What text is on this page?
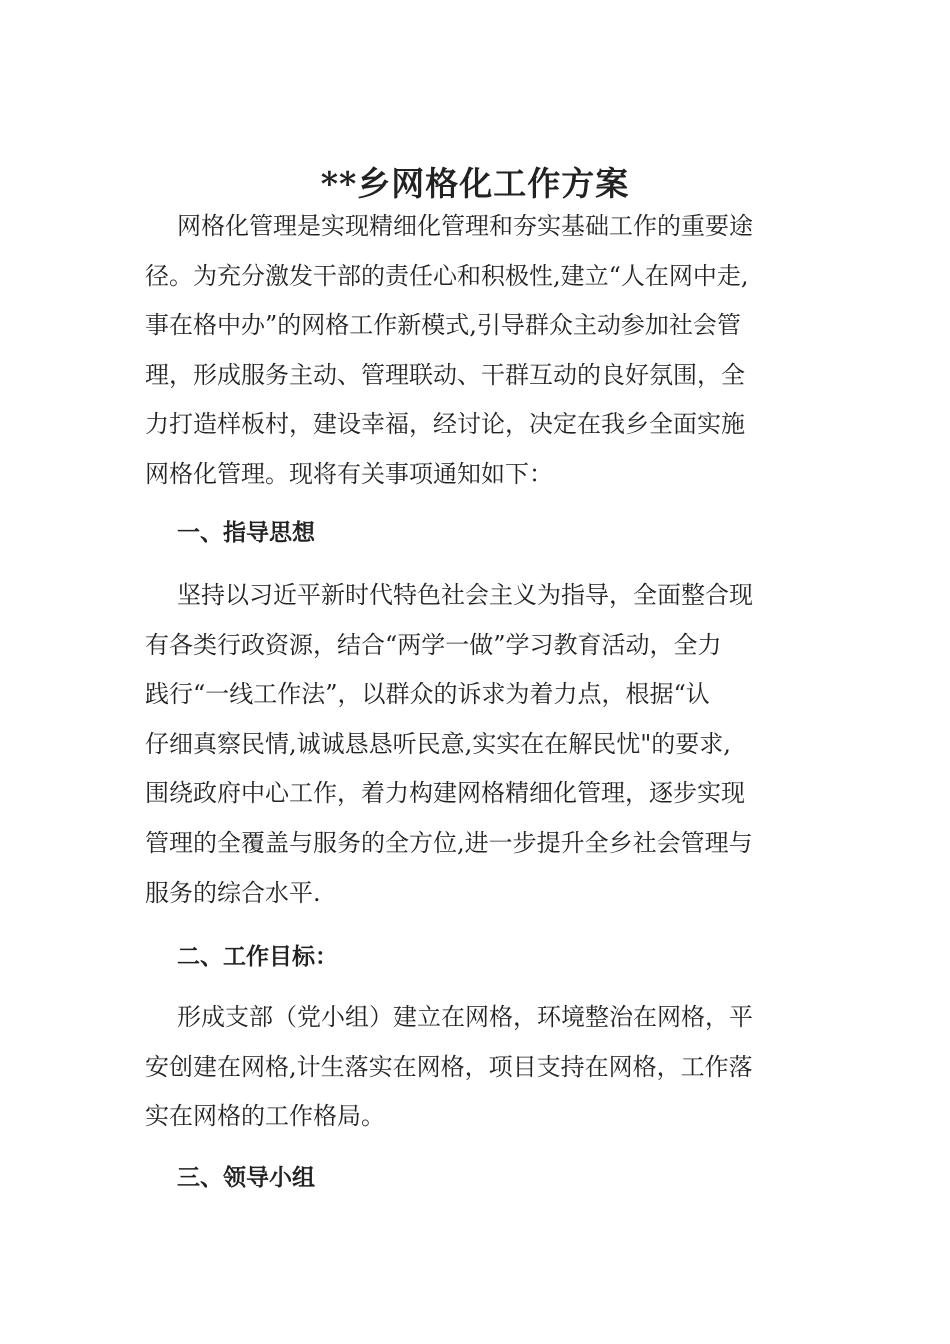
**乡网格化工作方案

网格化管理是实现精细化管理和夯实基础工作的重要途
径。为充分激发干部的责任心和积极性,建立“人在网中走,
事在格中办”的网格工作新模式,引导群众主动参加社会管
理，形成服务主动、管理联动、干群互动的良好氛围，全
力打造样板村，建设幸福，经讨论，决定在我乡全面实施
网格化管理。现将有关事项通知如下：

一、指导思想

坚持以习近平新时代特色社会主义为指导，全面整合现
有各类行政资源，结合“两学一做”学习教育活动，全力
践行“一线工作法”，以群众的诉求为着力点，根据“认
仔细真察民情,诚诚恳恳听民意,实实在在解民忧"的要求,
围绕政府中心工作，着力构建网格精细化管理，逐步实现
管理的全覆盖与服务的全方位,进一步提升全乡社会管理与
服务的综合水平.

二、工作目标：

形成支部（党小组）建立在网格，环境整治在网格，平
安创建在网格,计生落实在网格，项目支持在网格，工作落
实在网格的工作格局。

三、领导小组
